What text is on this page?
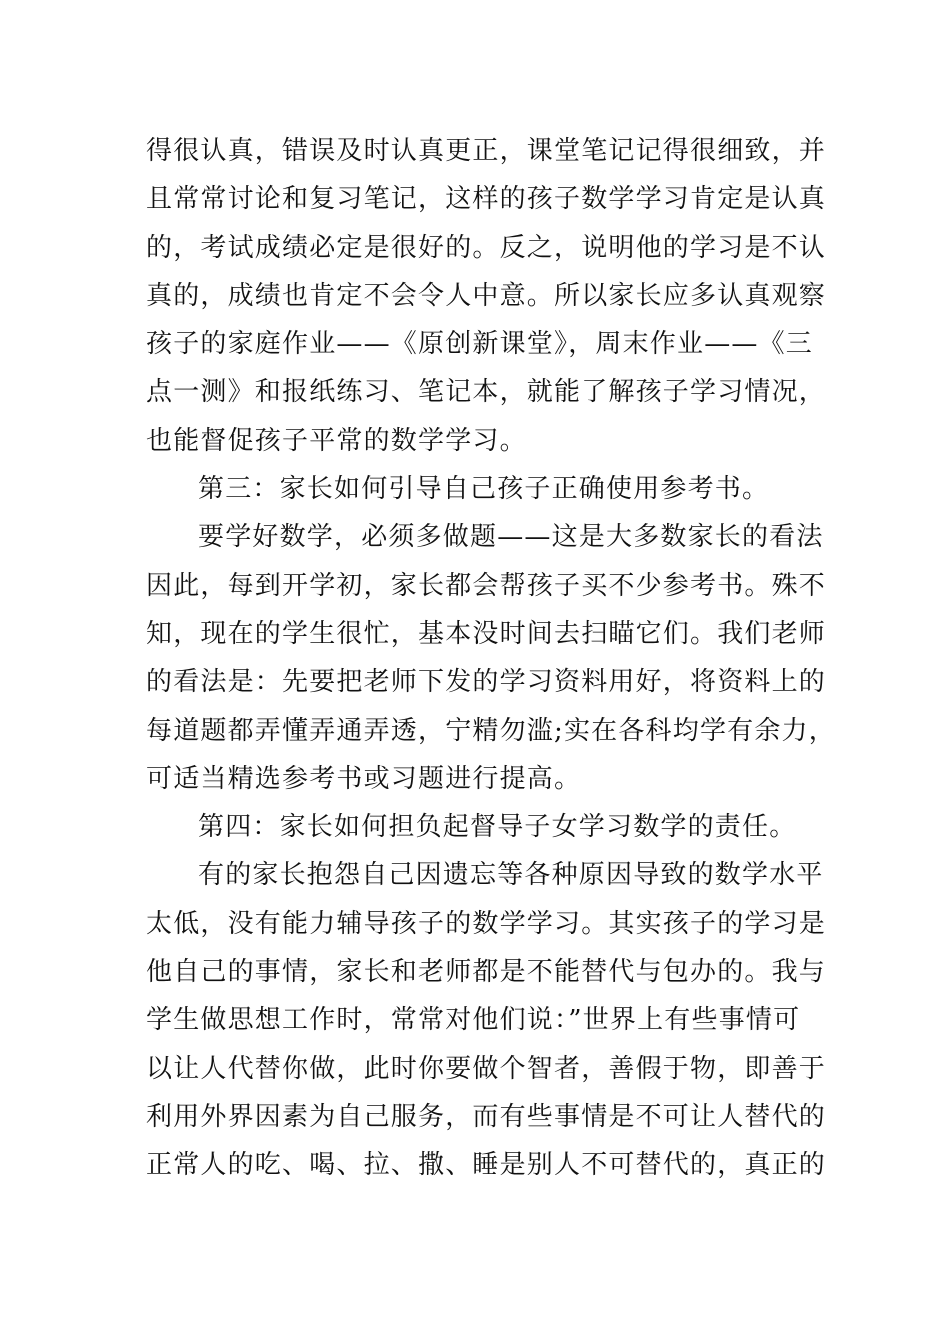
得很认真，错误及时认真更正，课堂笔记记得很细致，并
且常常讨论和复习笔记，这样的孩子数学学习肯定是认真
的，考试成绩必定是很好的。反之，说明他的学习是不认
真的，成绩也肯定不会令人中意。所以家长应多认真观察
孩子的家庭作业——《原创新课堂》，周末作业——《三
点一测》和报纸练习、笔记本，就能了解孩子学习情况，
也能督促孩子平常的数学学习。
第三：家长如何引导自己孩子正确使用参考书。
要学好数学，必须多做题——这是大多数家长的看法
因此，每到开学初，家长都会帮孩子买不少参考书。殊不
知，现在的学生很忙，基本没时间去扫瞄它们。我们老师
的看法是：先要把老师下发的学习资料用好，将资料上的
每道题都弄懂弄通弄透，宁精勿滥;实在各科均学有余力，
可适当精选参考书或习题进行提高。
第四：家长如何担负起督导子女学习数学的责任。
有的家长抱怨自己因遗忘等各种原因导致的数学水平
太低，没有能力辅导孩子的数学学习。其实孩子的学习是
他自己的事情，家长和老师都是不能替代与包办的。我与
学生做思想工作时，常常对他们说：”世界上有些事情可
以让人代替你做，此时你要做个智者，善假于物，即善于
利用外界因素为自己服务，而有些事情是不可让人替代的
正常人的吃、喝、拉、撒、睡是别人不可替代的，真正的
